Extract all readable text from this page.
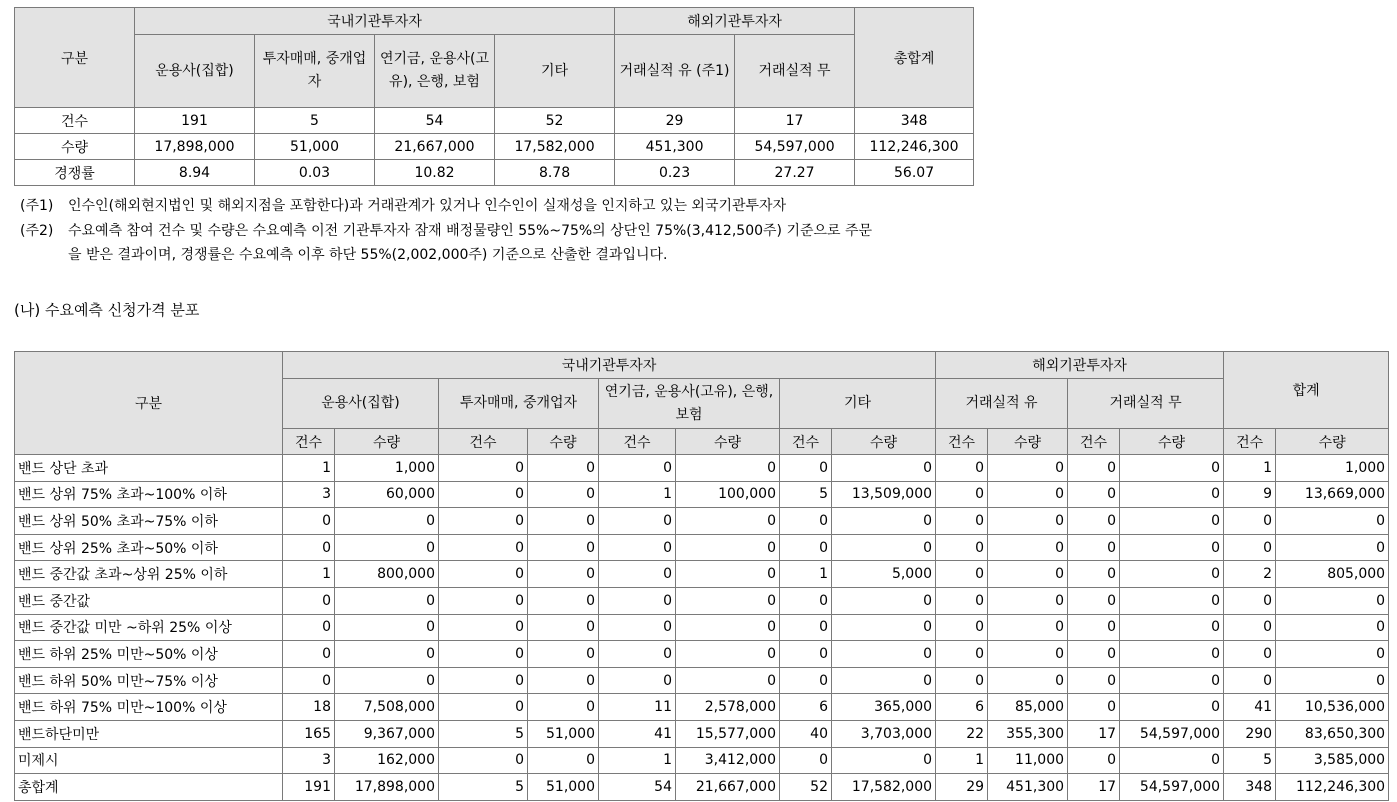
구분	국내기관투자자				해외기관투자자		총합계
	운용사(집합)	투자매매, 중개업자	연기금, 운용사(고유), 은행, 보험	기타	거래실적 유 (주1)	거래실적 무	
건수	191	5	54	52	29	17	348
수량	17,898,000	51,000	21,667,000	17,582,000	451,300	54,597,000	112,246,300
경쟁률	8.94	0.03	10.82	8.78	0.23	27.27	56.07
(주1) 인수인(해외현지법인 및 해외지점을 포함한다)과 거래관계가 있거나 인수인이 실재성을 인지하고 있는 외국기관투자자
(주2) 수요예측 참여 건수 및 수량은 수요예측 이전 기관투자자 잠재 배정물량인 55%~75%의 상단인 75%(3,412,500주) 기준으로 주문
을 받은 결과이며, 경쟁률은 수요예측 이후 하단 55%(2,002,000주) 기준으로 산출한 결과입니다.
(나) 수요예측 신청가격 분포
구분	국내기관투자자								해외기관투자자				합계	
	운용사(집합)		투자매매, 중개업자		연기금, 운용사(고유), 은행, 보험		기타		거래실적 유		거래실적 무			
	건수	수량	건수	수량	건수	수량	건수	수량	건수	수량	건수	수량	건수	수량
밴드 상단 초과	1	1,000	0	0	0	0	0	0	0	0	0	0	1	1,000
밴드 상위 75% 초과~100% 이하	3	60,000	0	0	1	100,000	5	13,509,000	0	0	0	0	9	13,669,000
밴드 상위 50% 초과~75% 이하	0	0	0	0	0	0	0	0	0	0	0	0	0	0
밴드 상위 25% 초과~50% 이하	0	0	0	0	0	0	0	0	0	0	0	0	0	0
밴드 중간값 초과~상위 25% 이하	1	800,000	0	0	0	0	1	5,000	0	0	0	0	2	805,000
밴드 중간값	0	0	0	0	0	0	0	0	0	0	0	0	0	0
밴드 중간값 미만 ~하위 25% 이상	0	0	0	0	0	0	0	0	0	0	0	0	0	0
밴드 하위 25% 미만~50% 이상	0	0	0	0	0	0	0	0	0	0	0	0	0	0
밴드 하위 50% 미만~75% 이상	0	0	0	0	0	0	0	0	0	0	0	0	0	0
밴드 하위 75% 미만~100% 이상	18	7,508,000	0	0	11	2,578,000	6	365,000	6	85,000	0	0	41	10,536,000
밴드하단미만	165	9,367,000	5	51,000	41	15,577,000	40	3,703,000	22	355,300	17	54,597,000	290	83,650,300
미제시	3	162,000	0	0	1	3,412,000	0	0	1	11,000	0	0	5	3,585,000
총합계	191	17,898,000	5	51,000	54	21,667,000	52	17,582,000	29	451,300	17	54,597,000	348	112,246,300
